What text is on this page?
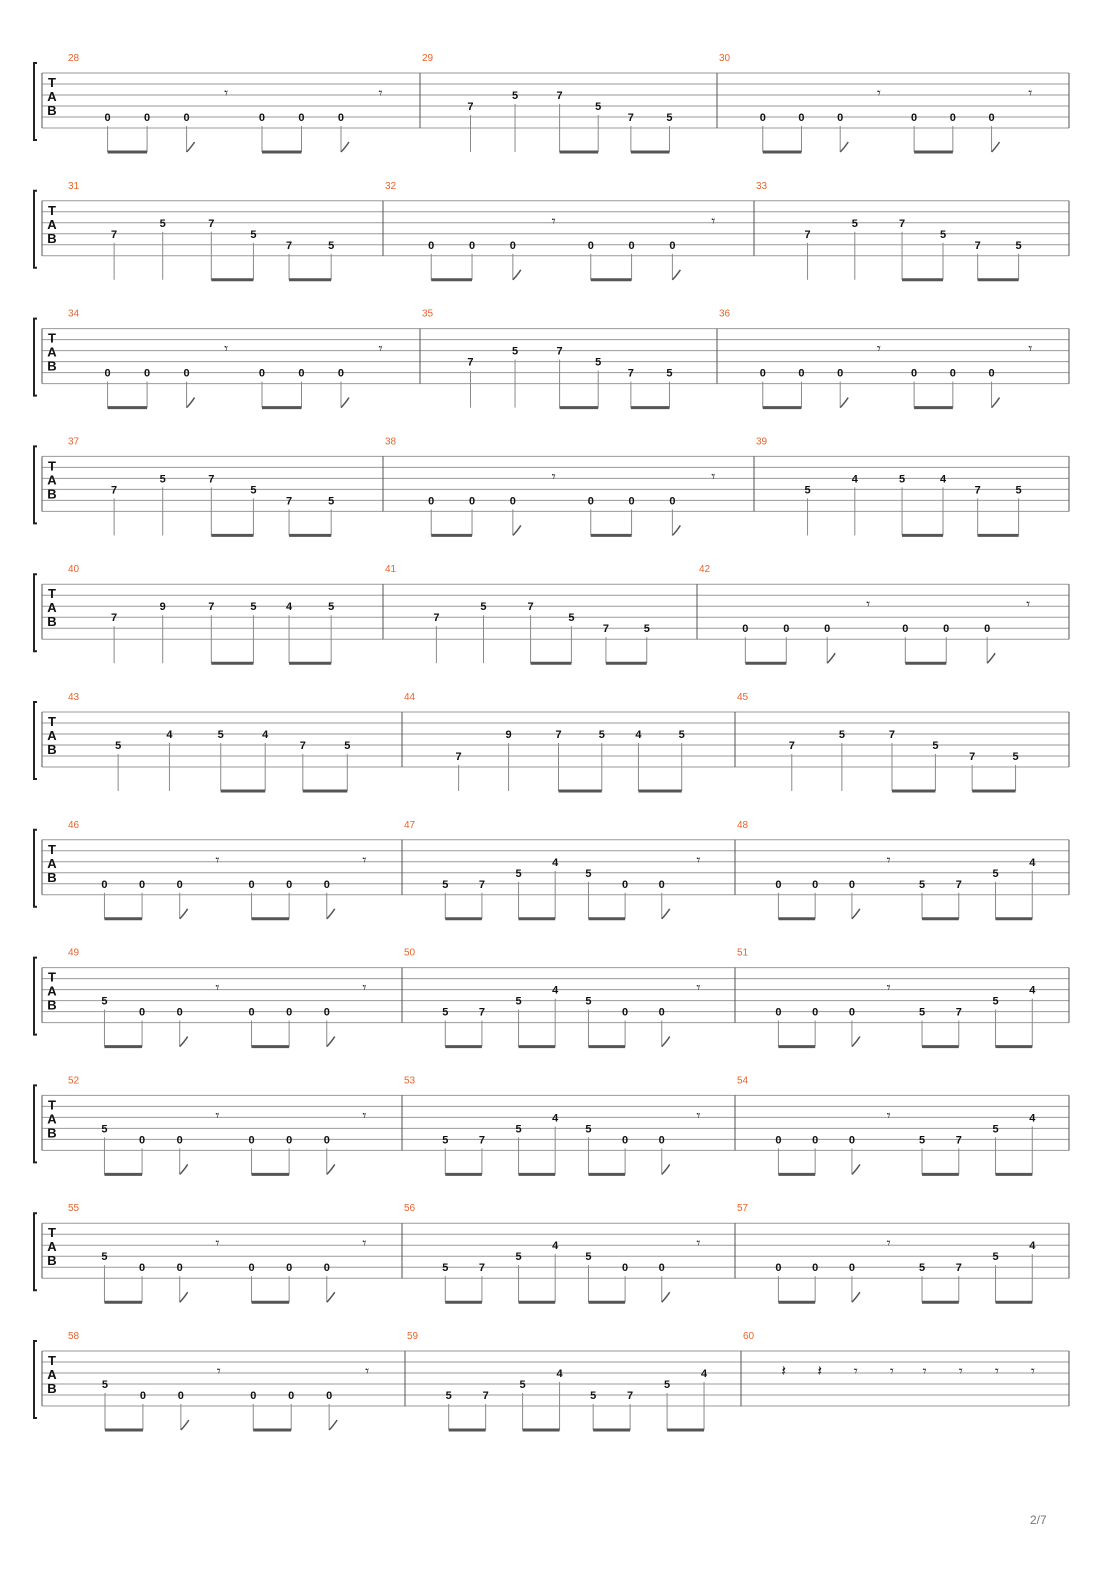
T
A
B
28
0	0	0
𝄾
0	0	0
𝄾
29
7
5	7
5
7	5
30
0	0	0
𝄾
0	0	0
𝄾
T
A
B
31
7
5	7
5
7	5
32
0	0	0
𝄾
0	0	0
𝄾
33
7
5	7
5
7	5
T
A
B
34
0	0	0
𝄾
0	0	0
𝄾
35
7
5	7
5
7	5
36
0	0	0
𝄾
0	0	0
𝄾
T
A
B
37
7
5	7
5
7	5
38
0	0	0
𝄾
0	0	0
𝄾
39
5
4	5	4
7	5
T
A
B
40
7
9	7	5	4	5
41
7
5	7
5
7	5
42
0	0	0
𝄾
0	0	0
𝄾
T
A
B
43
5
4	5	4
7	5
44
7
9	7	5	4	5
45
7
5	7
5
7	5
T
A
B
46
0	0	0
𝄾
0	0	0
𝄾
47
5	7
5
4
5
0	0
𝄾
48
0	0	0
𝄾
5	7
5
4
T
A
B
49
5
0	0
𝄾
0	0	0
𝄾
50
5	7
5
4
5
0	0
𝄾
51
0	0	0
𝄾
5	7
5
4
T
A
B
52
5
0	0
𝄾
0	0	0
𝄾
53
5	7
5
4
5
0	0
𝄾
54
0	0	0
𝄾
5	7
5
4
T
A
B
55
5
0	0
𝄾
0	0	0
𝄾
56
5	7
5
4
5
0	0
𝄾
57
0	0	0
𝄾
5	7
5
4
T
A
B
58
5
0	0
𝄾
0	0	0
𝄾
59
5	7
5
4
5	7
5
4
60
𝄽 𝄽 𝄾 𝄾 𝄾 𝄾 𝄾 𝄾
2/7
